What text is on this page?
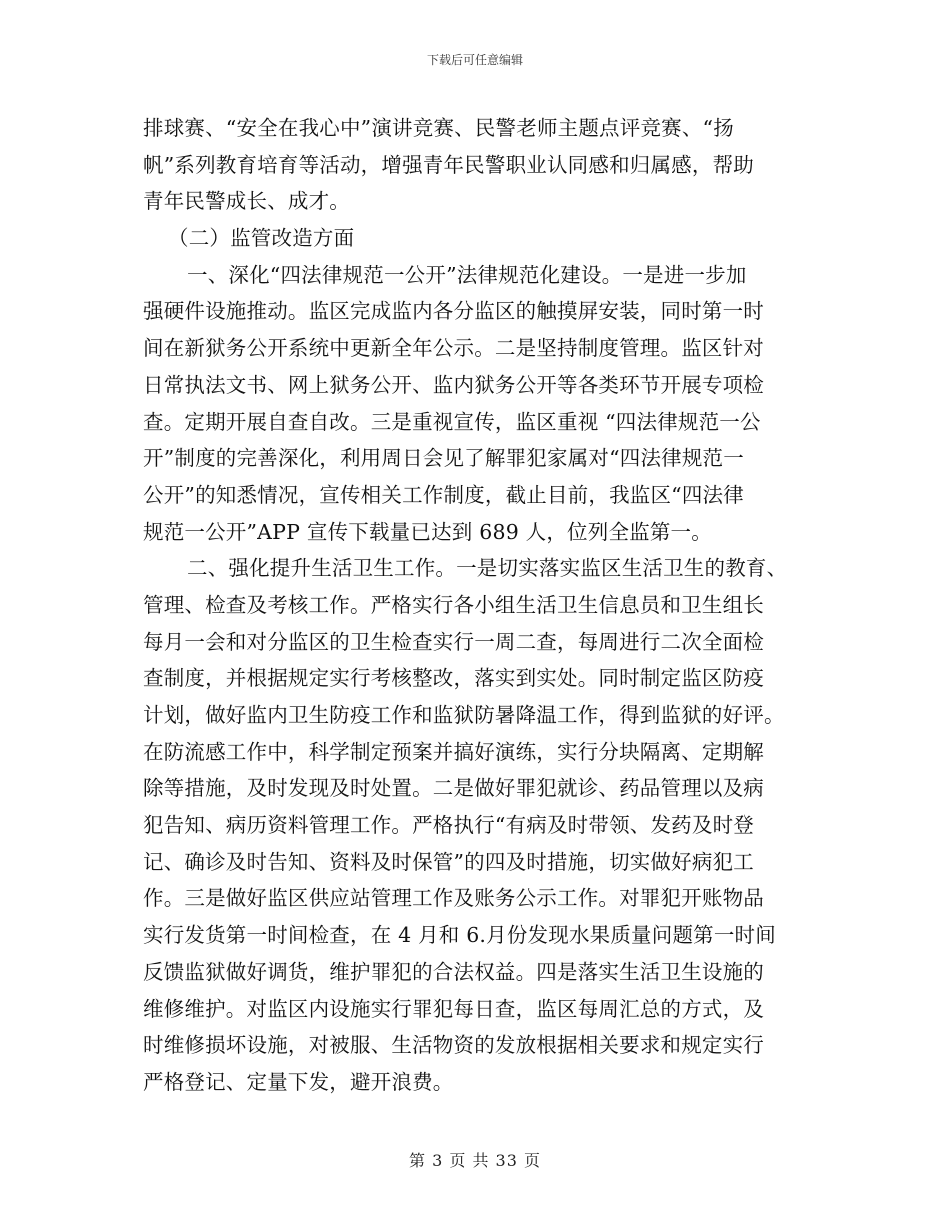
下载后可任意编辑
排球赛、“安全在我心中”演讲竞赛、民警老师主题点评竞赛、“扬
帆”系列教育培育等活动，增强青年民警职业认同感和归属感，帮助
青年民警成长、成才。
（二）监管改造方面
一、深化“四法律规范一公开”法律规范化建设。一是进一步加
强硬件设施推动。监区完成监内各分监区的触摸屏安装，同时第一时
间在新狱务公开系统中更新全年公示。二是坚持制度管理。监区针对
日常执法文书、网上狱务公开、监内狱务公开等各类环节开展专项检
查。定期开展自查自改。三是重视宣传，监区重视 “四法律规范一公
开”制度的完善深化，利用周日会见了解罪犯家属对“四法律规范一
公开”的知悉情况，宣传相关工作制度，截止目前，我监区“四法律
规范一公开”APP 宣传下载量已达到 689 人，位列全监第一。
二、强化提升生活卫生工作。一是切实落实监区生活卫生的教育、
管理、检查及考核工作。严格实行各小组生活卫生信息员和卫生组长
每月一会和对分监区的卫生检查实行一周二查，每周进行二次全面检
查制度，并根据规定实行考核整改，落实到实处。同时制定监区防疫
计划，做好监内卫生防疫工作和监狱防暑降温工作，得到监狱的好评。
在防流感工作中，科学制定预案并搞好演练，实行分块隔离、定期解
除等措施，及时发现及时处置。二是做好罪犯就诊、药品管理以及病
犯告知、病历资料管理工作。严格执行“有病及时带领、发药及时登
记、确诊及时告知、资料及时保管”的四及时措施，切实做好病犯工
作。三是做好监区供应站管理工作及账务公示工作。对罪犯开账物品
实行发货第一时间检查，在 4 月和 6.月份发现水果质量问题第一时间
反馈监狱做好调货，维护罪犯的合法权益。四是落实生活卫生设施的
维修维护。对监区内设施实行罪犯每日查，监区每周汇总的方式，及
时维修损坏设施，对被服、生活物资的发放根据相关要求和规定实行
严格登记、定量下发，避开浪费。
第 3 页 共 33 页
